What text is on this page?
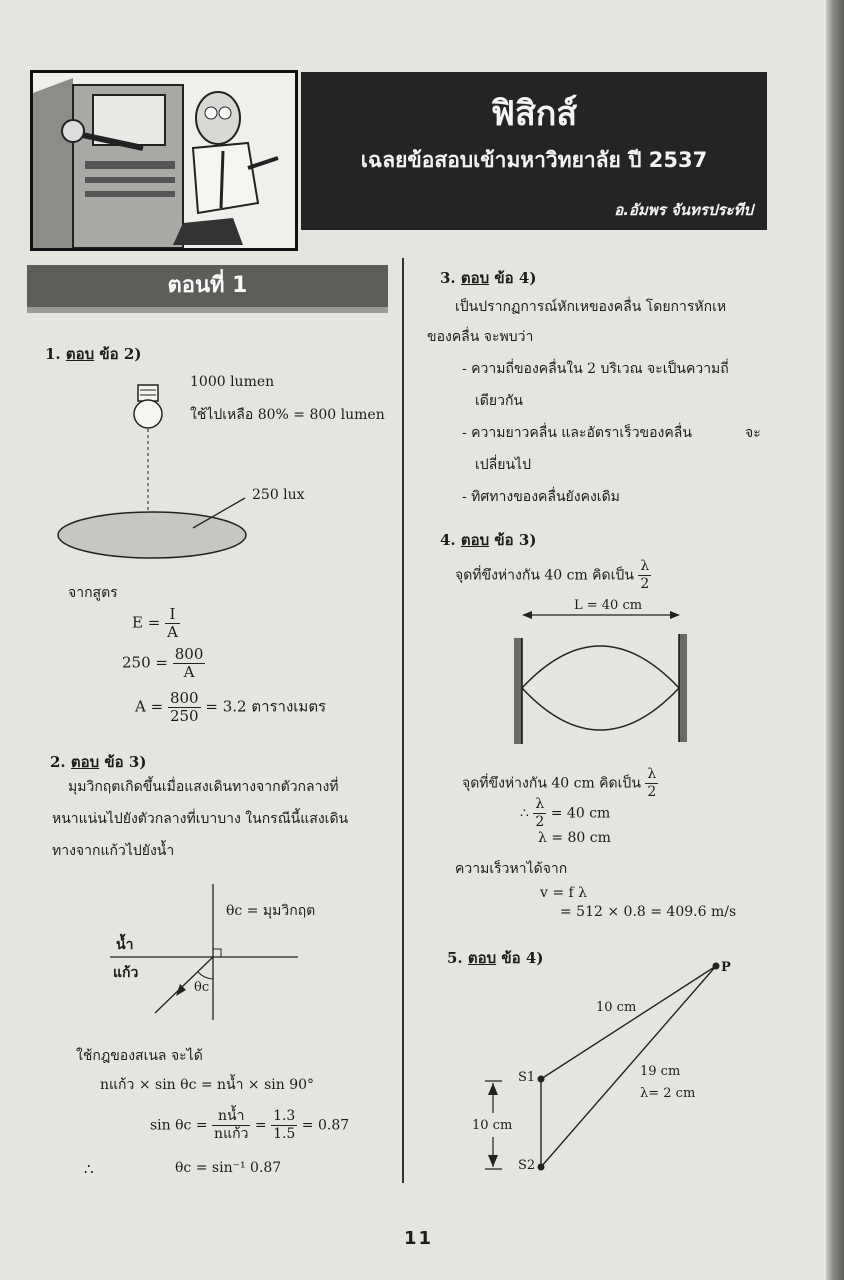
ฟิสิกส์
เฉลยข้อสอบเข้ามหาวิทยาลัย ปี 2537
อ.อัมพร จันทรประทีป
ตอนที่ 1
1. ตอบ ข้อ 2)
1000 lumen
ใช้ไปเหลือ 80% = 800 lumen
250 lux
จากสูตร
$E = \frac{I}{A}$
$250 = \frac{800}{A}$
$A = \frac{800}{250} = 3.2$ ตารางเมตร
2. ตอบ ข้อ 3)
มุมวิกฤตเกิดขึ้นเมื่อแสงเดินทางจากตัวกลางที่
หนาแน่นไปยังตัวกลางที่เบาบาง ในกรณีนี้แสงเดิน
ทางจากแก้วไปยังน้ำ
θc = มุมวิกฤต
น้ำ
แก้ว
θc
ใช้กฎของสเนล จะได้
nแก้ว × sin θc = nน้ำ × sin 90°
$\sin \theta c = \frac{\text{nน้ำ}}{\text{nแก้ว}} = \frac{1.3}{1.5} = 0.87$
∴	θc = sin⁻¹ 0.87
3. ตอบ ข้อ 4)
เป็นปรากฏการณ์หักเหของคลื่น โดยการหักเห
ของคลื่น จะพบว่า
- ความถี่ของคลื่นใน 2 บริเวณ จะเป็นความถี่
เดียวกัน
- ความยาวคลื่น และอัตราเร็วของคลื่น	จะ
เปลี่ยนไป
- ทิศทางของคลื่นยังคงเดิม
4. ตอบ ข้อ 3)
จุดที่ขึงห่างกัน 40 cm คิดเป็น $\frac{\lambda}{2}$
L = 40 cm
จุดที่ขึงห่างกัน 40 cm คิดเป็น $\frac{\lambda}{2}$
∴ $\frac{\lambda}{2} = 40$ cm
λ = 80 cm
ความเร็วหาได้จาก
v = f λ
= 512 × 0.8 = 409.6 m/s
5. ตอบ ข้อ 4)
P
S1
S2
10 cm
19 cm
λ= 2 cm
10 cm
11
